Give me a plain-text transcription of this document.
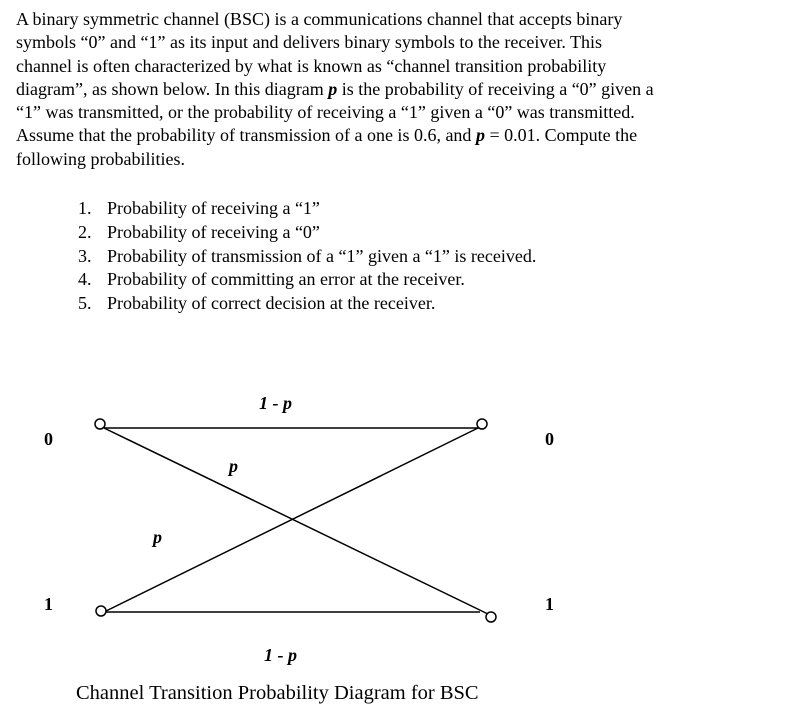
A binary symmetric channel (BSC) is a communications channel that accepts binary
symbols “0” and “1” as its input and delivers binary symbols to the receiver. This
channel is often characterized by what is known as “channel transition probability
diagram”, as shown below. In this diagram p is the probability of receiving a “0” given a
“1” was transmitted, or the probability of receiving a “1” given a “0” was transmitted.
Assume that the probability of transmission of a one is 0.6, and p = 0.01. Compute the
following probabilities.

1. Probability of receiving a “1”
2. Probability of receiving a “0”
3. Probability of transmission of a “1” given a “1” is received.
4. Probability of committing an error at the receiver.
5. Probability of correct decision at the receiver.
0	0
1	1
1 - p
p
p
1 - p

Channel Transition Probability Diagram for BSC
